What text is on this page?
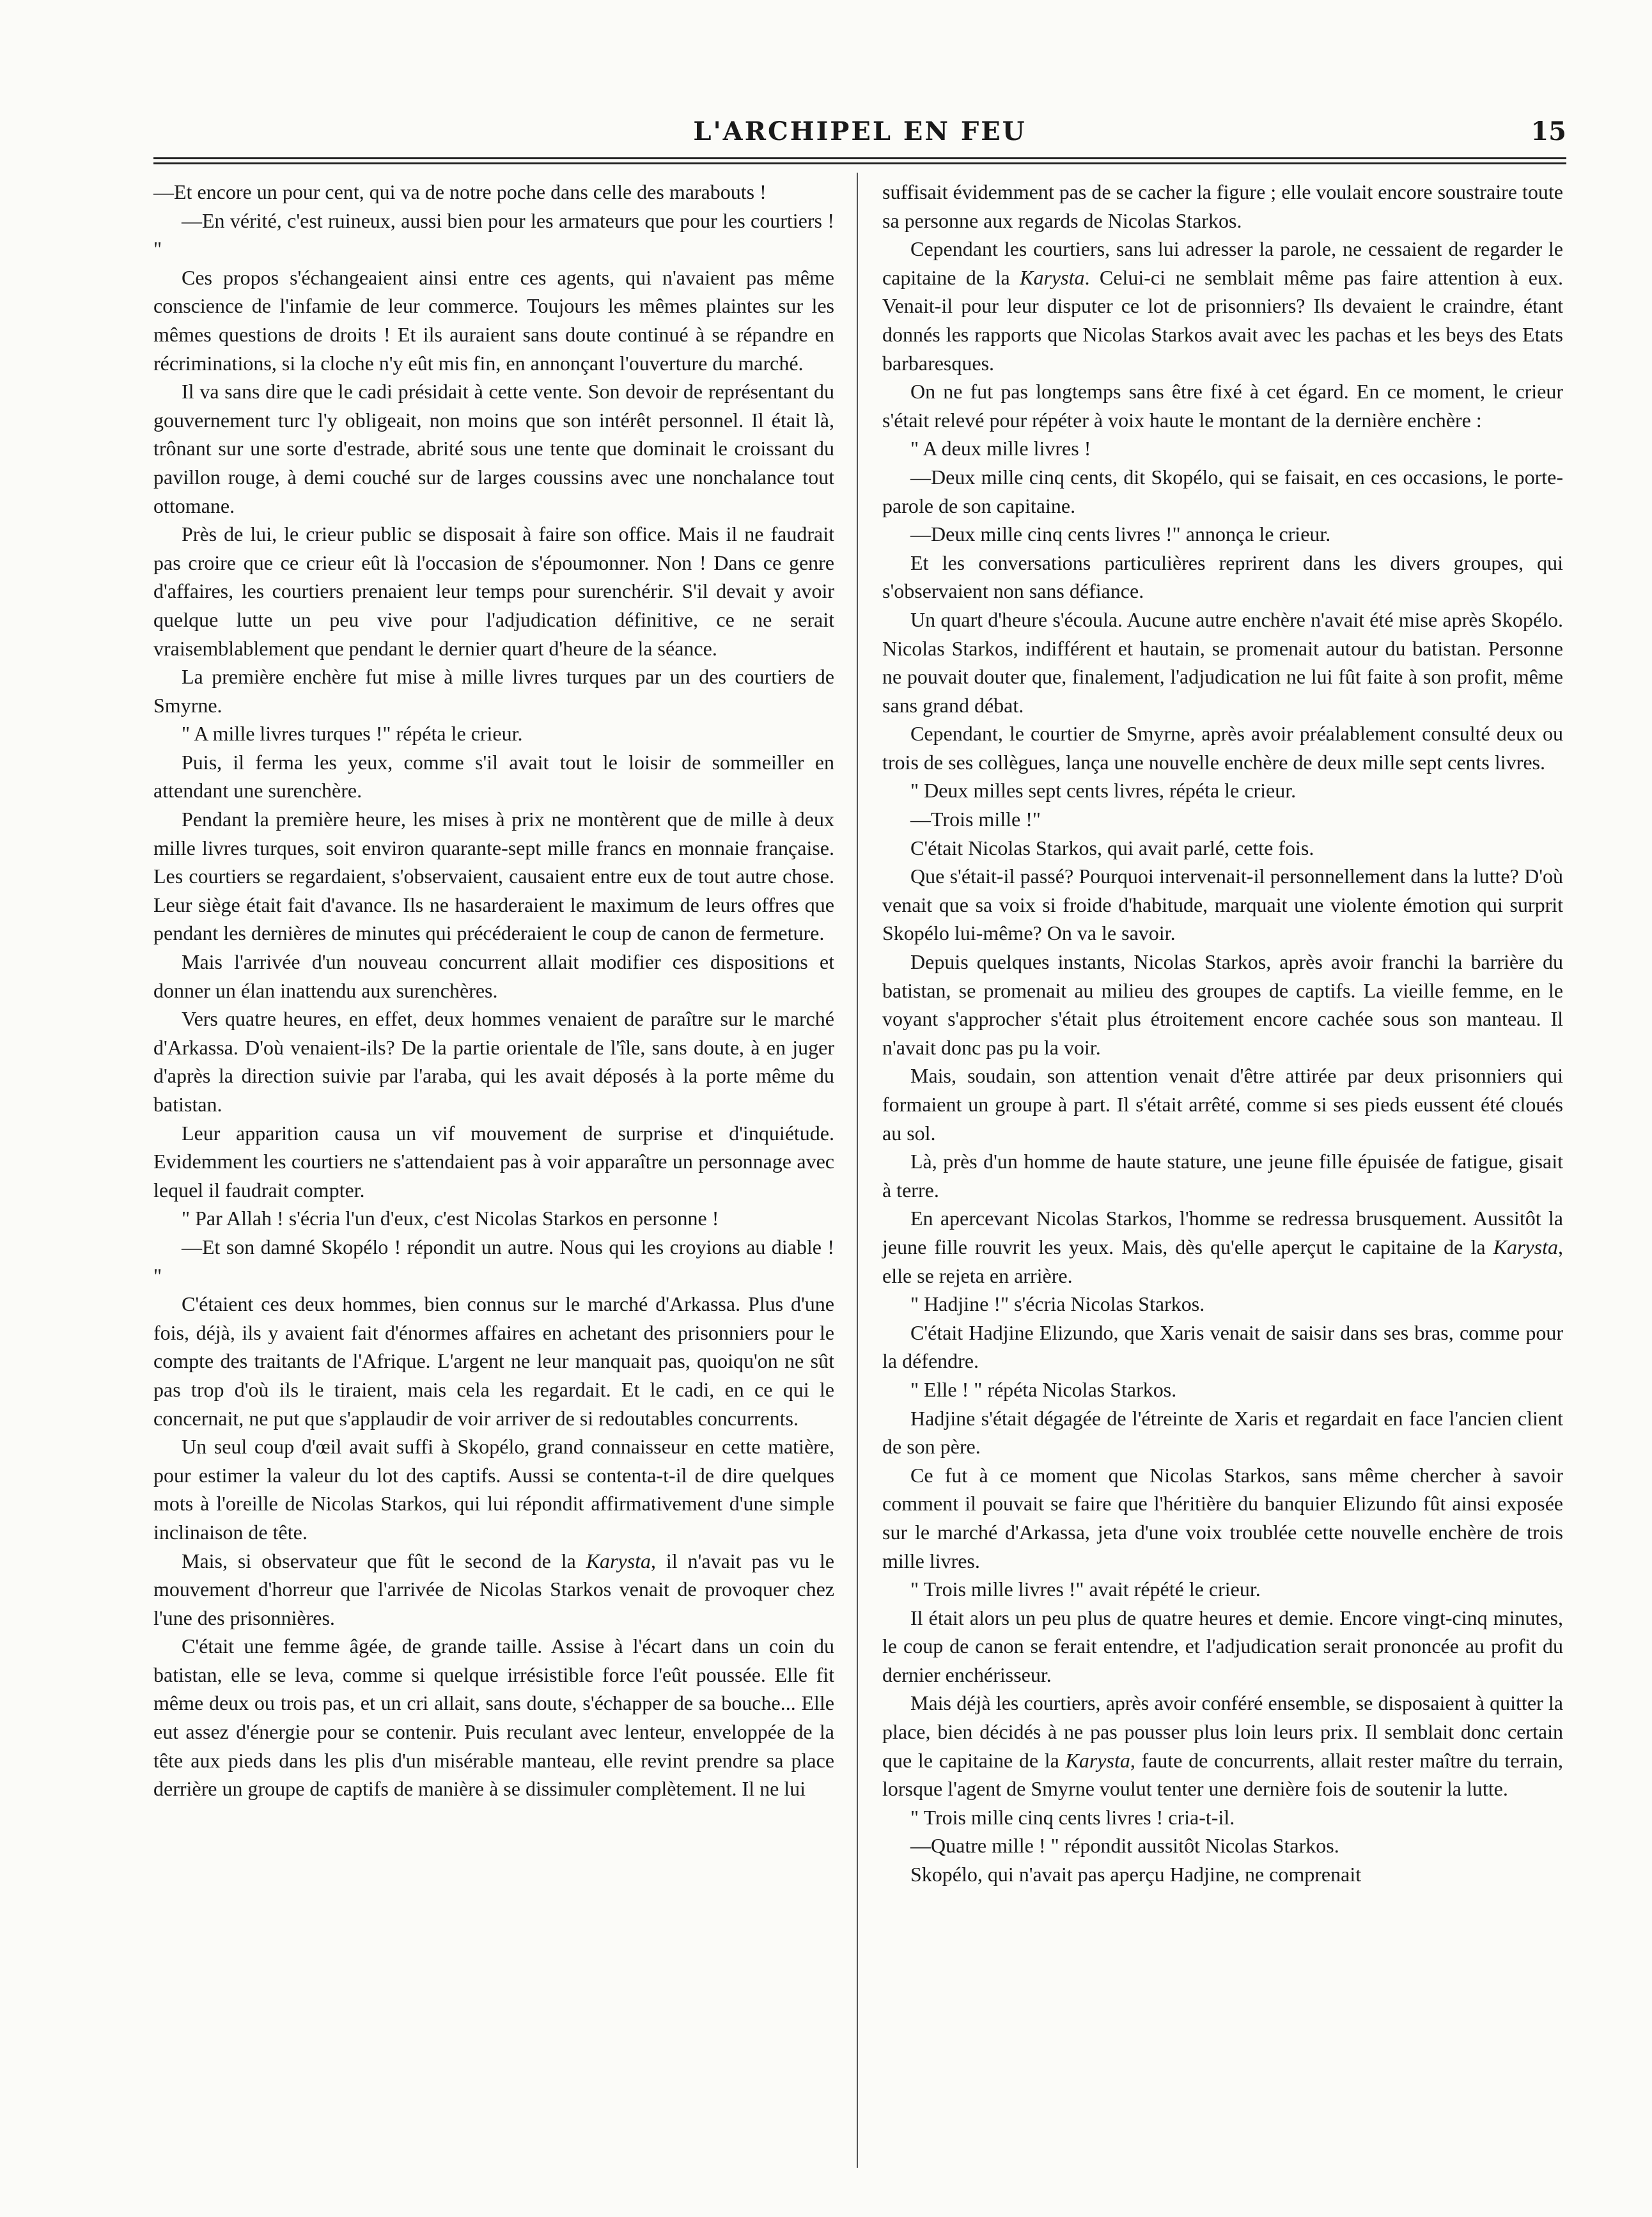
L'ARCHIPEL EN FEU	15

—Et encore un pour cent, qui va de notre poche dans celle des marabouts !

—En vérité, c'est ruineux, aussi bien pour les armateurs que pour les courtiers ! "

Ces propos s'échangeaient ainsi entre ces agents, qui n'avaient pas même conscience de l'infamie de leur commerce. Toujours les mêmes plaintes sur les mêmes questions de droits ! Et ils auraient sans doute continué à se répandre en récriminations, si la cloche n'y eût mis fin, en annonçant l'ouverture du marché.

Il va sans dire que le cadi présidait à cette vente. Son devoir de représentant du gouvernement turc l'y obligeait, non moins que son intérêt personnel. Il était là, trônant sur une sorte d'estrade, abrité sous une tente que dominait le croissant du pavillon rouge, à demi couché sur de larges coussins avec une nonchalance tout ottomane.

Près de lui, le crieur public se disposait à faire son office. Mais il ne faudrait pas croire que ce crieur eût là l'occasion de s'époumonner. Non ! Dans ce genre d'affaires, les courtiers prenaient leur temps pour surenchérir. S'il devait y avoir quelque lutte un peu vive pour l'adjudication définitive, ce ne serait vraisemblablement que pendant le dernier quart d'heure de la séance.

La première enchère fut mise à mille livres turques par un des courtiers de Smyrne.

" A mille livres turques !" répéta le crieur.

Puis, il ferma les yeux, comme s'il avait tout le loisir de sommeiller en attendant une surenchère.

Pendant la première heure, les mises à prix ne montèrent que de mille à deux mille livres turques, soit environ quarante-sept mille francs en monnaie française. Les courtiers se regardaient, s'observaient, causaient entre eux de tout autre chose. Leur siège était fait d'avance. Ils ne hasarderaient le maximum de leurs offres que pendant les dernières de minutes qui précéderaient le coup de canon de fermeture.

Mais l'arrivée d'un nouveau concurrent allait modifier ces dispositions et donner un élan inattendu aux surenchères.

Vers quatre heures, en effet, deux hommes venaient de paraître sur le marché d'Arkassa. D'où venaient-ils? De la partie orientale de l'île, sans doute, à en juger d'après la direction suivie par l'araba, qui les avait déposés à la porte même du batistan.

Leur apparition causa un vif mouvement de surprise et d'inquiétude. Evidemment les courtiers ne s'attendaient pas à voir apparaître un personnage avec lequel il faudrait compter.

" Par Allah ! s'écria l'un d'eux, c'est Nicolas Starkos en personne !

—Et son damné Skopélo ! répondit un autre. Nous qui les croyions au diable ! "

C'étaient ces deux hommes, bien connus sur le marché d'Arkassa. Plus d'une fois, déjà, ils y avaient fait d'énormes affaires en achetant des prisonniers pour le compte des traitants de l'Afrique. L'argent ne leur manquait pas, quoiqu'on ne sût pas trop d'où ils le tiraient, mais cela les regardait. Et le cadi, en ce qui le concernait, ne put que s'applaudir de voir arriver de si redoutables concurrents.

Un seul coup d'œil avait suffi à Skopélo, grand connaisseur en cette matière, pour estimer la valeur du lot des captifs. Aussi se contenta-t-il de dire quelques mots à l'oreille de Nicolas Starkos, qui lui répondit affirmativement d'une simple inclinaison de tête.

Mais, si observateur que fût le second de la Karysta, il n'avait pas vu le mouvement d'horreur que l'arrivée de Nicolas Starkos venait de provoquer chez l'une des prisonnières.

C'était une femme âgée, de grande taille. Assise à l'écart dans un coin du batistan, elle se leva, comme si quelque irrésistible force l'eût poussée. Elle fit même deux ou trois pas, et un cri allait, sans doute, s'échapper de sa bouche... Elle eut assez d'énergie pour se contenir. Puis reculant avec lenteur, enveloppée de la tête aux pieds dans les plis d'un misérable manteau, elle revint prendre sa place derrière un groupe de captifs de manière à se dissimuler complètement. Il ne lui

suffisait évidemment pas de se cacher la figure ; elle voulait encore soustraire toute sa personne aux regards de Nicolas Starkos.

Cependant les courtiers, sans lui adresser la parole, ne cessaient de regarder le capitaine de la Karysta. Celui-ci ne semblait même pas faire attention à eux. Venait-il pour leur disputer ce lot de prisonniers? Ils devaient le craindre, étant donnés les rapports que Nicolas Starkos avait avec les pachas et les beys des Etats barbaresques.

On ne fut pas longtemps sans être fixé à cet égard. En ce moment, le crieur s'était relevé pour répéter à voix haute le montant de la dernière enchère :

" A deux mille livres !

—Deux mille cinq cents, dit Skopélo, qui se faisait, en ces occasions, le porte-parole de son capitaine.

—Deux mille cinq cents livres !" annonça le crieur.

Et les conversations particulières reprirent dans les divers groupes, qui s'observaient non sans défiance.

Un quart d'heure s'écoula. Aucune autre enchère n'avait été mise après Skopélo. Nicolas Starkos, indifférent et hautain, se promenait autour du batistan. Personne ne pouvait douter que, finalement, l'adjudication ne lui fût faite à son profit, même sans grand débat.

Cependant, le courtier de Smyrne, après avoir préalablement consulté deux ou trois de ses collègues, lança une nouvelle enchère de deux mille sept cents livres.

" Deux milles sept cents livres, répéta le crieur.

—Trois mille !"

C'était Nicolas Starkos, qui avait parlé, cette fois.

Que s'était-il passé? Pourquoi intervenait-il personnellement dans la lutte? D'où venait que sa voix si froide d'habitude, marquait une violente émotion qui surprit Skopélo lui-même? On va le savoir.

Depuis quelques instants, Nicolas Starkos, après avoir franchi la barrière du batistan, se promenait au milieu des groupes de captifs. La vieille femme, en le voyant s'approcher s'était plus étroitement encore cachée sous son manteau. Il n'avait donc pas pu la voir.

Mais, soudain, son attention venait d'être attirée par deux prisonniers qui formaient un groupe à part. Il s'était arrêté, comme si ses pieds eussent été cloués au sol.

Là, près d'un homme de haute stature, une jeune fille épuisée de fatigue, gisait à terre.

En apercevant Nicolas Starkos, l'homme se redressa brusquement. Aussitôt la jeune fille rouvrit les yeux. Mais, dès qu'elle aperçut le capitaine de la Karysta, elle se rejeta en arrière.

" Hadjine !" s'écria Nicolas Starkos.

C'était Hadjine Elizundo, que Xaris venait de saisir dans ses bras, comme pour la défendre.

" Elle ! " répéta Nicolas Starkos.

Hadjine s'était dégagée de l'étreinte de Xaris et regardait en face l'ancien client de son père.

Ce fut à ce moment que Nicolas Starkos, sans même chercher à savoir comment il pouvait se faire que l'héritière du banquier Elizundo fût ainsi exposée sur le marché d'Arkassa, jeta d'une voix troublée cette nouvelle enchère de trois mille livres.

" Trois mille livres !" avait répété le crieur.

Il était alors un peu plus de quatre heures et demie. Encore vingt-cinq minutes, le coup de canon se ferait entendre, et l'adjudication serait prononcée au profit du dernier enchérisseur.

Mais déjà les courtiers, après avoir conféré ensemble, se disposaient à quitter la place, bien décidés à ne pas pousser plus loin leurs prix. Il semblait donc certain que le capitaine de la Karysta, faute de concurrents, allait rester maître du terrain, lorsque l'agent de Smyrne voulut tenter une dernière fois de soutenir la lutte.

" Trois mille cinq cents livres ! cria-t-il.

—Quatre mille ! " répondit aussitôt Nicolas Starkos.

Skopélo, qui n'avait pas aperçu Hadjine, ne comprenait
